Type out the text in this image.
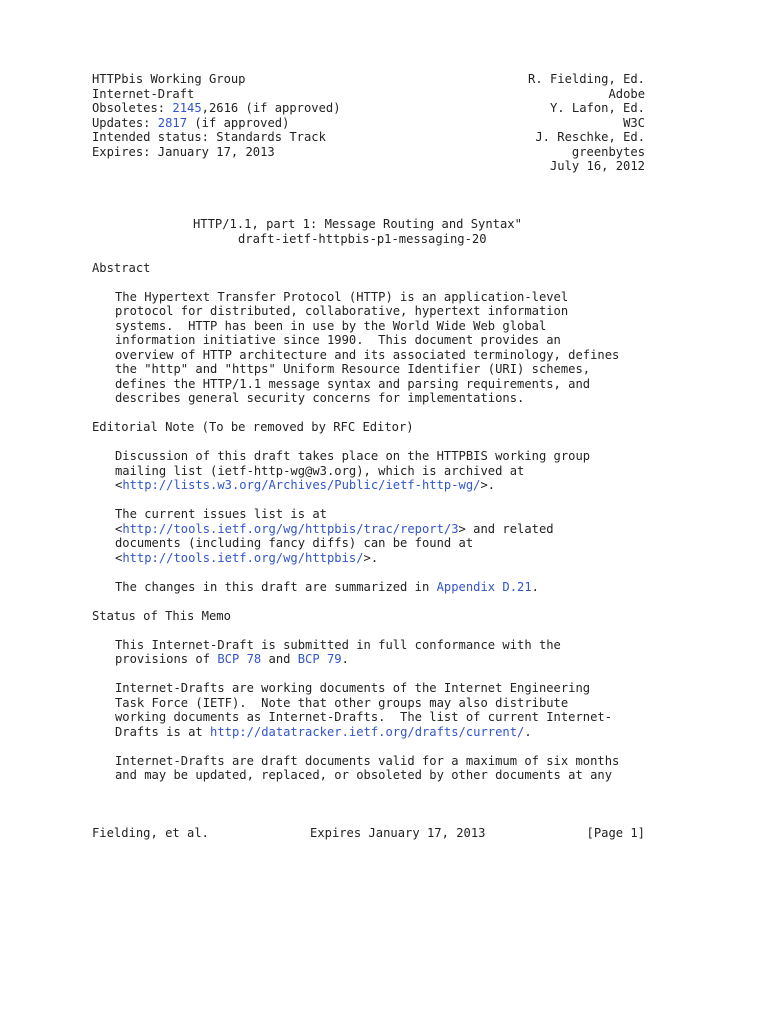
HTTPbis Working Group	R. Fielding, Ed.
Internet-Draft	Adobe
Obsoletes: 2145,2616 (if approved)	Y. Lafon, Ed.
Updates: 2817 (if approved)	W3C
Intended status: Standards Track	J. Reschke, Ed.
Expires: January 17, 2013	greenbytes
July 16, 2012
HTTP/1.1, part 1: Message Routing and Syntax"
draft-ietf-httpbis-p1-messaging-20
Abstract
The Hypertext Transfer Protocol (HTTP) is an application-level
protocol for distributed, collaborative, hypertext information
systems.  HTTP has been in use by the World Wide Web global
information initiative since 1990.  This document provides an
overview of HTTP architecture and its associated terminology, defines
the "http" and "https" Uniform Resource Identifier (URI) schemes,
defines the HTTP/1.1 message syntax and parsing requirements, and
describes general security concerns for implementations.
Editorial Note (To be removed by RFC Editor)
Discussion of this draft takes place on the HTTPBIS working group
mailing list (ietf-http-wg@w3.org), which is archived at
<http://lists.w3.org/Archives/Public/ietf-http-wg/>.
The current issues list is at
<http://tools.ietf.org/wg/httpbis/trac/report/3> and related
documents (including fancy diffs) can be found at
<http://tools.ietf.org/wg/httpbis/>.
The changes in this draft are summarized in Appendix D.21.
Status of This Memo
This Internet-Draft is submitted in full conformance with the
provisions of BCP 78 and BCP 79.
Internet-Drafts are working documents of the Internet Engineering
Task Force (IETF).  Note that other groups may also distribute
working documents as Internet-Drafts.  The list of current Internet-
Drafts is at http://datatracker.ietf.org/drafts/current/.
Internet-Drafts are draft documents valid for a maximum of six months
and may be updated, replaced, or obsoleted by other documents at any
Fielding, et al.	Expires January 17, 2013	[Page 1]
